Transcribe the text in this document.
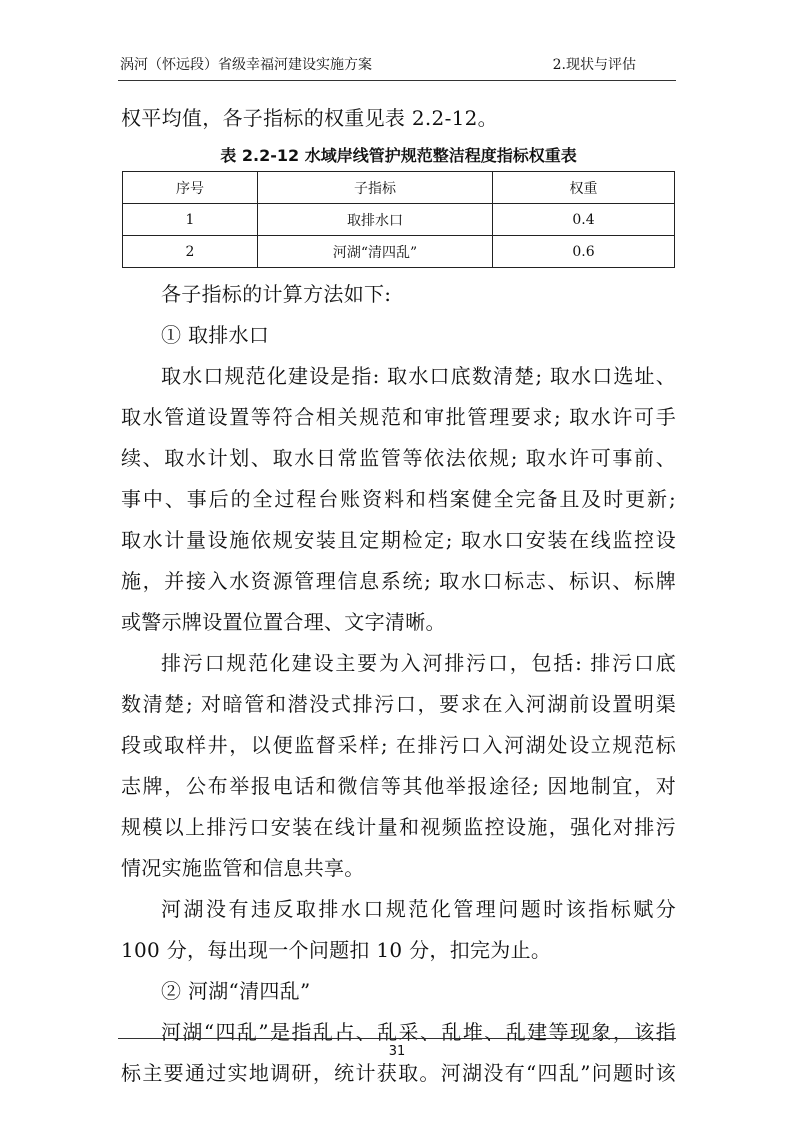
涡河（怀远段）省级幸福河建设实施方案	2.现状与评估

权平均值，各子指标的权重见表 2.2-12。

表 2.2-12 水域岸线管护规范整洁程度指标权重表
序号	子指标	权重
1	取排水口	0.4
2	河湖“清四乱”	0.6

各子指标的计算方法如下:

① 取排水口

取水口规范化建设是指: 取水口底数清楚; 取水口选址、

取水管道设置等符合相关规范和审批管理要求; 取水许可手

续、取水计划、取水日常监管等依法依规; 取水许可事前、

事中、事后的全过程台账资料和档案健全完备且及时更新;

取水计量设施依规安装且定期检定; 取水口安装在线监控设

施，并接入水资源管理信息系统; 取水口标志、标识、标牌

或警示牌设置位置合理、文字清晰。

排污口规范化建设主要为入河排污口，包括: 排污口底

数清楚; 对暗管和潜没式排污口，要求在入河湖前设置明渠

段或取样井，以便监督采样; 在排污口入河湖处设立规范标

志牌，公布举报电话和微信等其他举报途径; 因地制宜，对

规模以上排污口安装在线计量和视频监控设施，强化对排污

情况实施监管和信息共享。

河湖没有违反取排水口规范化管理问题时该指标赋分

100 分，每出现一个问题扣 10 分，扣完为止。

② 河湖“清四乱”

河湖“四乱”是指乱占、乱采、乱堆、乱建等现象，该指

标主要通过实地调研，统计获取。河湖没有“四乱”问题时该

31
